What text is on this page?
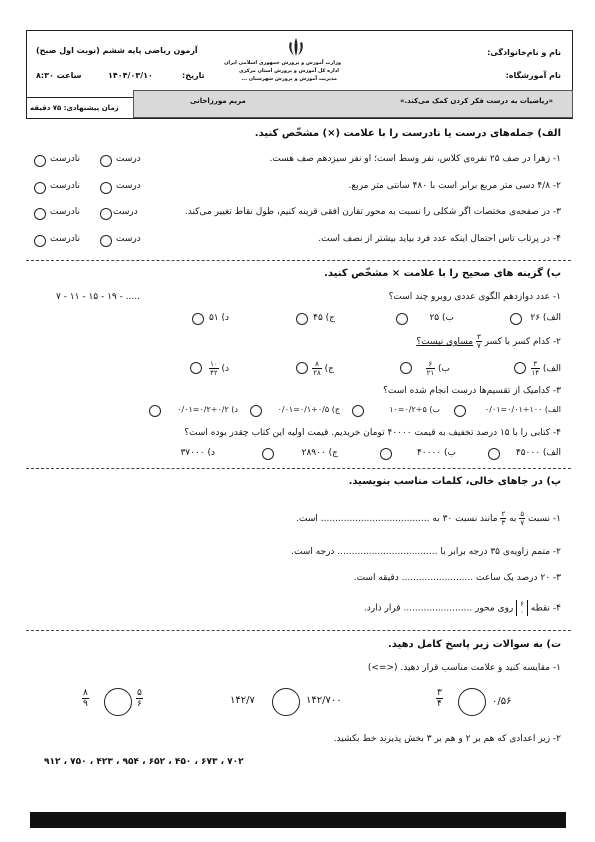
نام و نام‌خانوادگی:
نام آموزشگاه:
وزارت آموزش و پرورش جمهوری اسلامی ایران
اداره کل آموزش و پرورش استان مرکزی
مدیریت آموزش و پرورش شهرستان ...
آزمون ریاضی پایه ششم (نوبت اول صبح)
تاریخ:
۱۴۰۴/۰۳/۱۰
ساعت ۸:۳۰
«ریاضیات به درست فکر کردن کمک می‌کند.»
مریم مورزاخانی
زمان پیشنهادی: ۷۵ دقیقه
الف) جمله‌های درست یا نادرست را با علامت (×) مشخّص کنید.
۱- زهرا در صف ۲۵ نفره‌ی کلاس، نفر وسط است؛ او نفر سیزدهم صف هست.
۲- ۴/۸ دسی متر مربع برابر است با ۴۸۰ سانتی متر مربع.
۳- در صفحه‌ی مختصات اگر شکلی را نسبت به محور تقارن افقی قرینه کنیم، طول نقاط تغییر می‌کند.
۴- در پرتاب تاس احتمال اینکه عدد فرد بیاید بیشتر از نصف است.
درست
نادرست
درست
نادرست
درست
نادرست
درست
نادرست
ب) گزینه های صحیح را با علامت × مشخّص کنید.
۱- عدد دوازدهم الگوی عددی روبرو چند است؟
۷ - ۱۱ - ۱۵ - ۱۹ - .....
الف) ۲۶
ب) ۲۵
ج) ۴۵
د) ۵۱
۲- کدام کسر با کسر
$\frac{۳}{۷}$
مساوی نیست؟
الف)
$\frac{۳}{۱۴}$
ب)
$\frac{۶}{۲۱}$
ج)
$\frac{۸}{۲۸}$
د)
$\frac{۱۰}{۴۲}$
۳- کدامیک از تقسیم‌ها درست انجام شده است؟
الف) ۱۰۰÷۰/۰۱=۰/۰۱
ب) ۵÷۰/۲=۱۰
ج) ۰/۵÷۰/۱=۰/۰۱
د) ۰/۲÷۰/۲=۰/۰۱
۴- کتابی را با ۱۵ درصد تخفیف به قیمت ۴۰۰۰۰ تومان خریدیم. قیمت اولیه این کتاب چقدر بوده است؟
الف) ۴۵۰۰۰
ب) ۴۰۰۰۰
ج) ۲۸۹۰۰
د) ۳۷۰۰۰
پ) در جاهای خالی، کلمات مناسب بنویسید.
۱- نسبت
$\frac{۵}{۷}$
به
$\frac{۲}{۳}$
مانند نسبت ۳۰ به ...................................... است.
۲- متمم زاویه‌ی ۳۵ درجه برابر با ................................... درجه است.
۳- ۲۰ درصد یک ساعت ......................... دقیقه است.
۴- نقطه
۶
۰
روی محور ........................ قرار دارد.
ت) به سوالات زیر پاسخ کامل دهید.
۱- مقایسه کنید و علامت مناسب قرار دهید. (<=>)
۰/۵۶
۳
۴
۱۴۲/۷۰۰
۱۴۲/۷
۵
۶
۸
۹
۲- زیر اعدادی که هم بر ۲ و هم بر ۳ بخش پذیرند خط بکشید.
۹۱۲ ، ۷۵۰ ، ۴۲۳ ، ۹۵۴ ، ۶۵۲ ، ۴۵۰ ، ۶۷۳ ، ۷۰۲
